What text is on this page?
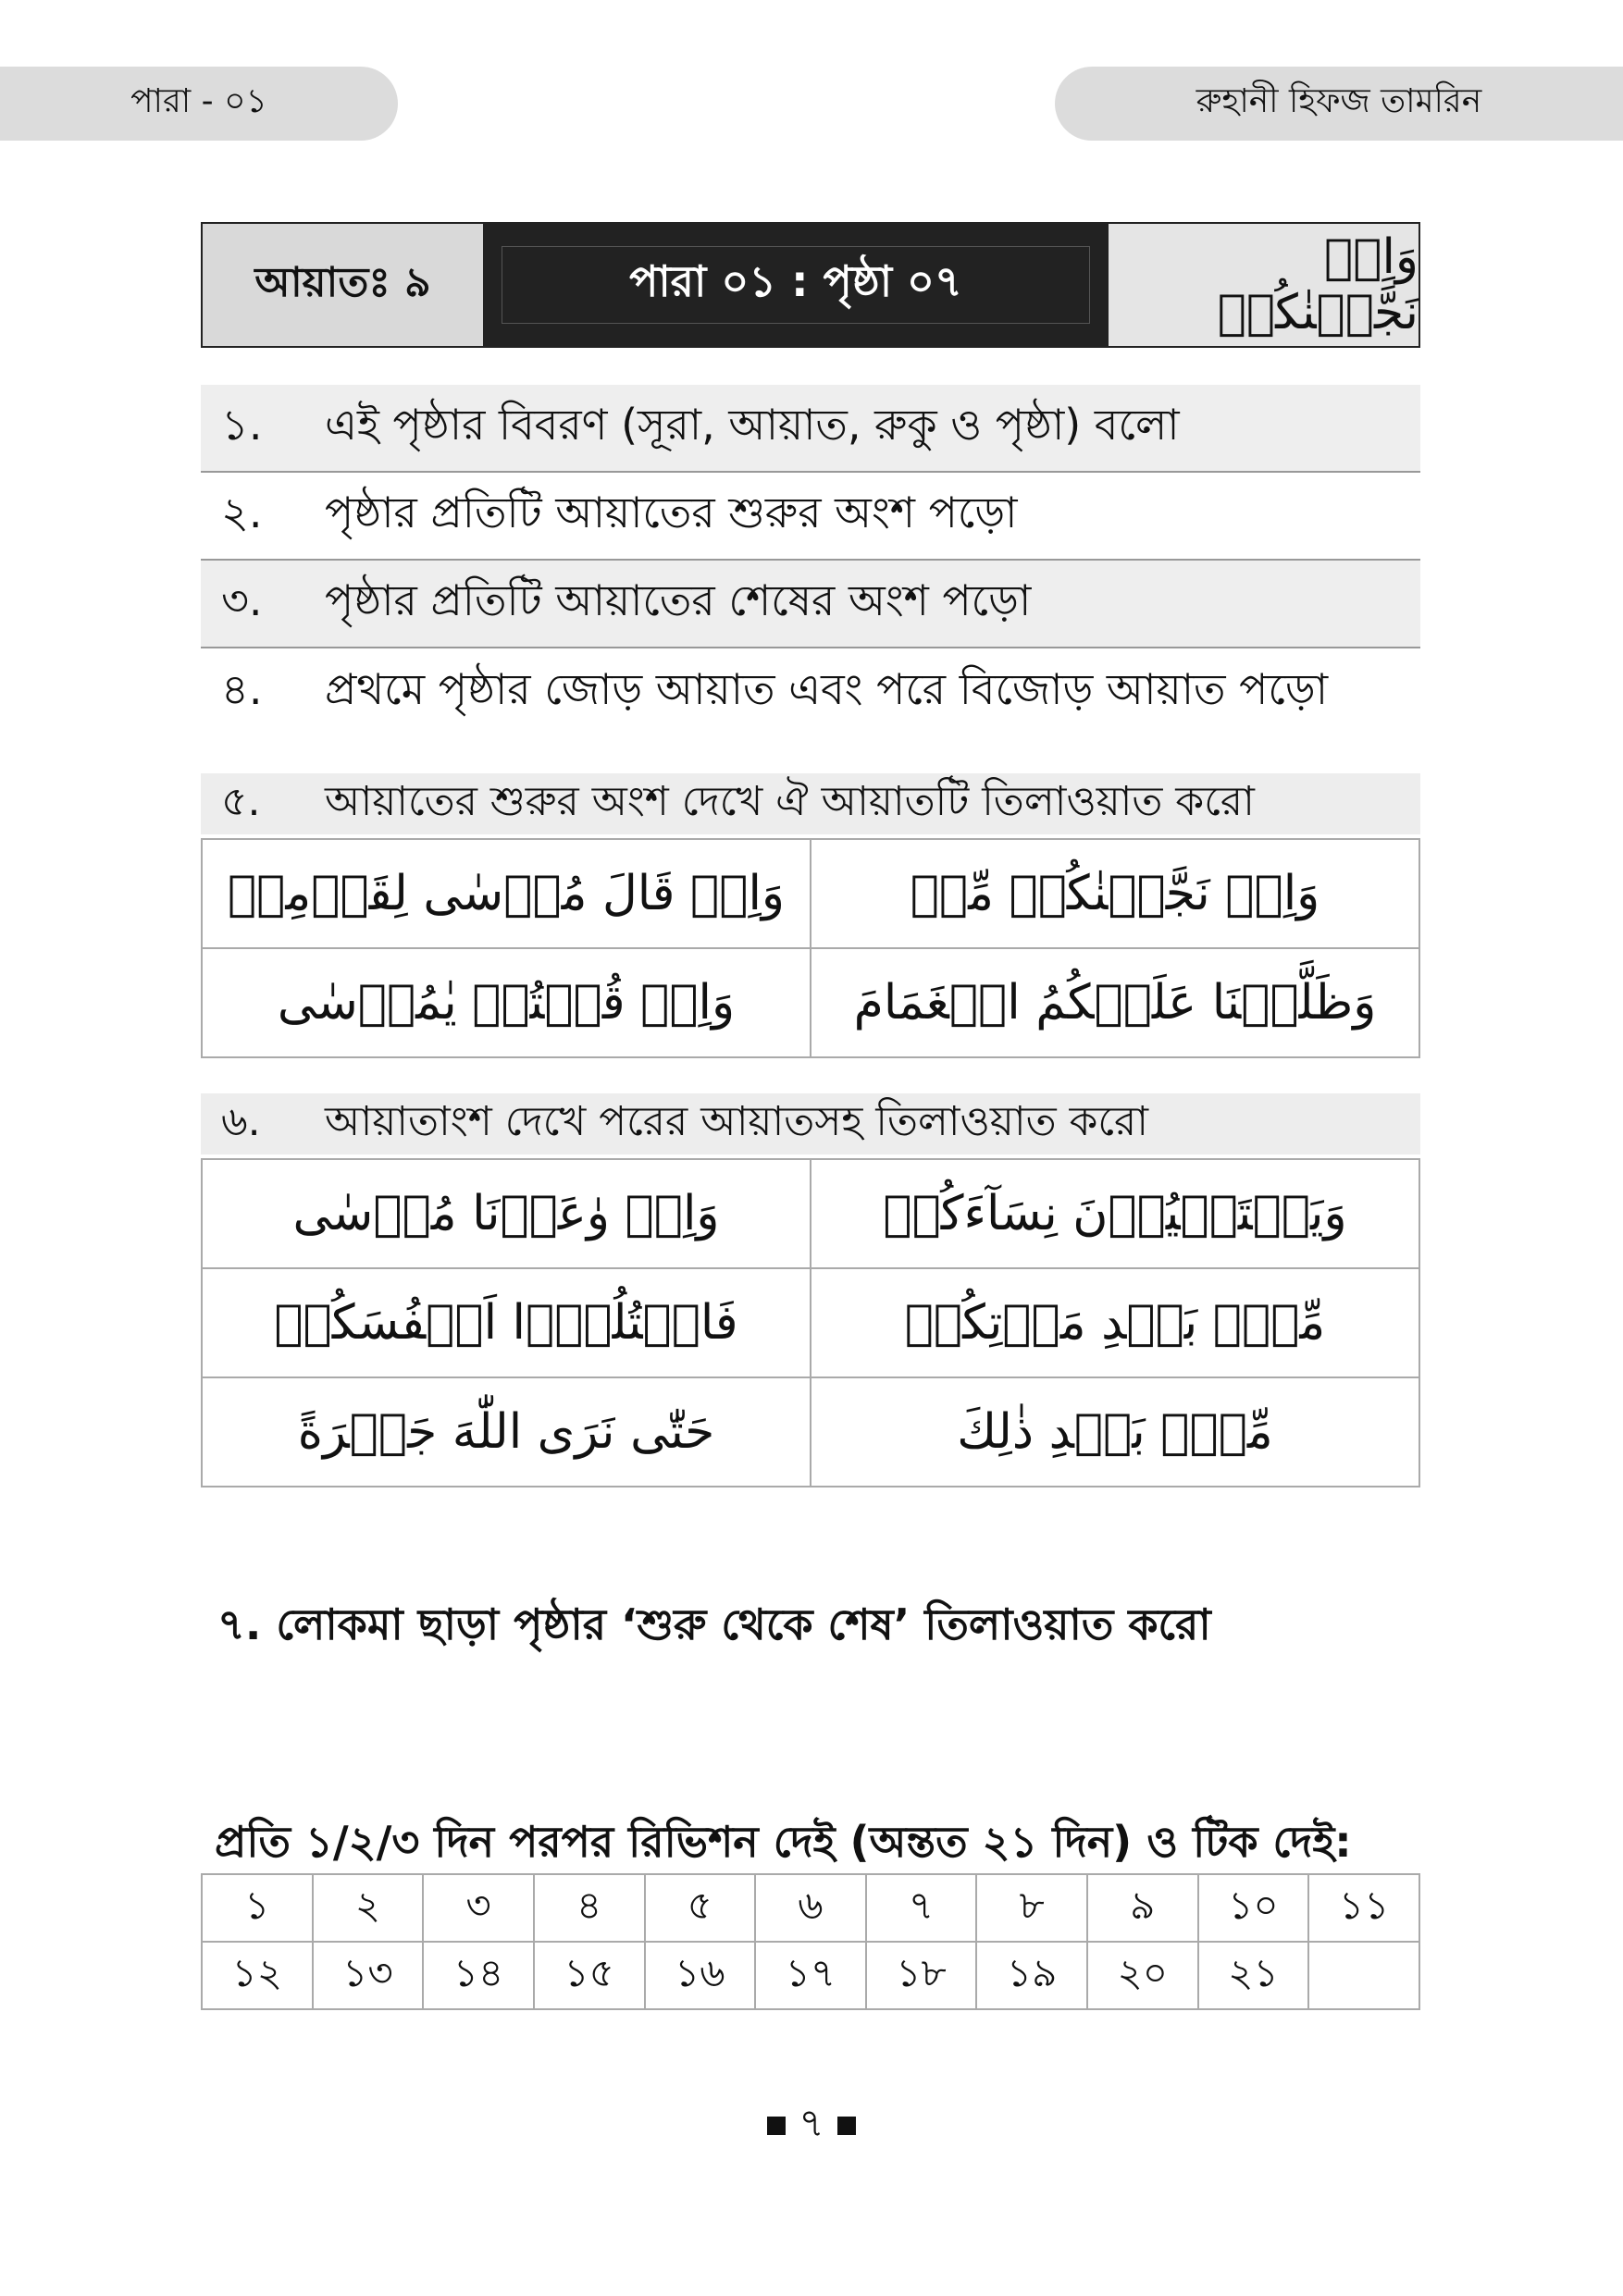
পারা - ০১	রুহানী হিফজ তামরিন
আয়াতঃ ৯	পারা ০১ : পৃষ্ঠা ০৭	وَاِذۡ نَجَّيۡنٰكُمۡ
১.	এই পৃষ্ঠার বিবরণ (সূরা, আয়াত, রুকু ও পৃষ্ঠা) বলো
২.	পৃষ্ঠার প্রতিটি আয়াতের শুরুর অংশ পড়ো
৩.	পৃষ্ঠার প্রতিটি আয়াতের শেষের অংশ পড়ো
৪.	প্রথমে পৃষ্ঠার জোড় আয়াত এবং পরে বিজোড় আয়াত পড়ো
৫.	আয়াতের শুরুর অংশ দেখে ঐ আয়াতটি তিলাওয়াত করো
وَاِذۡ قَالَ مُوۡسٰى لِقَوۡمِهٖ	وَاِذۡ نَجَّيۡنٰكُمۡ مِّنۡ
وَاِذۡ قُلۡتُمۡ يٰمُوۡسٰى	وَظَلَّلۡنَا عَلَيۡكُمُ الۡغَمَامَ
৬.	আয়াতাংশ দেখে পরের আয়াতসহ তিলাওয়াত করো
وَاِذۡ وٰعَدۡنَا مُوۡسٰى	وَيَسۡتَحۡيُوۡنَ نِسَآءَكُمۡ
فَاقۡتُلُوۡۤا اَنۡفُسَكُمۡ	مِّنۡۢ بَعۡدِ مَوۡتِكُمۡ
حَتّٰى نَرَى اللّٰهَ جَهۡرَةً	مِّنۡۢ بَعۡدِ ذٰلِكَ
৭. লোকমা ছাড়া পৃষ্ঠার ‘শুরু থেকে শেষ’ তিলাওয়াত করো
প্রতি ১/২/৩ দিন পরপর রিভিশন দেই (অন্তত ২১ দিন) ও টিক দেই:
১	২	৩	৪	৫	৬	৭	৮	৯	১০	১১
১২	১৩	১৪	১৫	১৬	১৭	১৮	১৯	২০	২১	
৭
